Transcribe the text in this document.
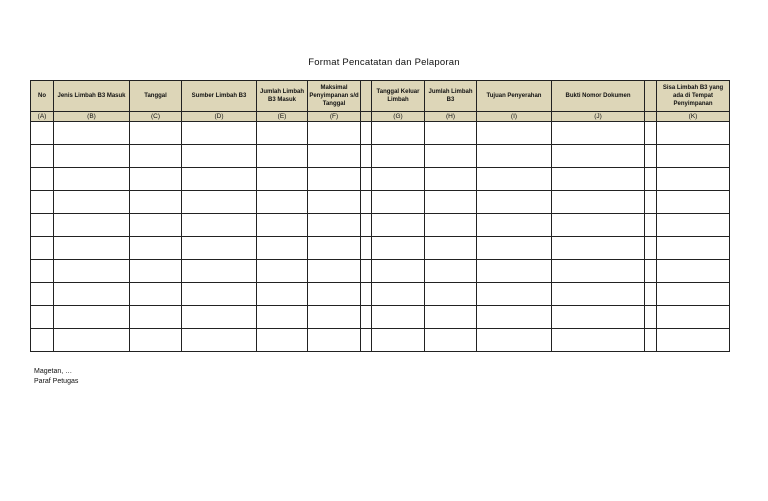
Format Pencatatan dan Pelaporan
No	Jenis Limbah B3 Masuk	Tanggal	Sumber Limbah B3	Jumlah Limbah B3 Masuk	Maksimal Penyimpanan s/d Tanggal		Tanggal Keluar Limbah	Jumlah Limbah B3	Tujuan Penyerahan	Bukti Nomor Dokumen		Sisa Limbah B3 yang ada di Tempat Penyimpanan
(A)	(B)	(C)	(D)	(E)	(F)		(G)	(H)	(I)	(J)		(K)

Magetan, …
Paraf Petugas
